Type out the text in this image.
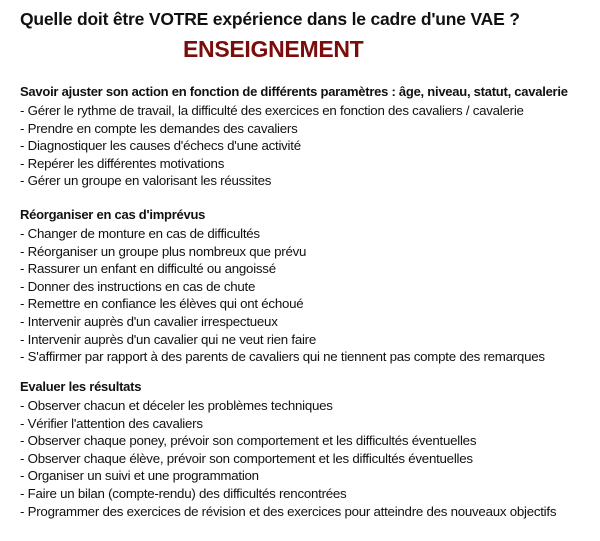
Quelle doit être VOTRE expérience dans le cadre d'une VAE ?
ENSEIGNEMENT
Savoir ajuster son action en fonction de différents paramètres : âge, niveau, statut, cavalerie
- Gérer le rythme de travail, la difficulté des exercices en fonction des cavaliers / cavalerie
- Prendre en compte les demandes des cavaliers
- Diagnostiquer les causes d'échecs d'une activité
- Repérer les différentes motivations
- Gérer un groupe en valorisant les réussites
Réorganiser en cas d'imprévus
- Changer de monture en cas de difficultés
- Réorganiser un groupe plus nombreux que prévu
- Rassurer un enfant en difficulté ou angoissé
- Donner des instructions en cas de chute
- Remettre en confiance les élèves qui ont échoué
- Intervenir auprès d'un cavalier irrespectueux
- Intervenir auprès d'un cavalier qui ne veut rien faire
- S'affirmer par rapport à des parents de cavaliers qui ne tiennent pas compte des remarques
Evaluer les résultats
- Observer chacun et déceler les problèmes techniques
- Vérifier l'attention des cavaliers
- Observer chaque poney, prévoir son comportement et les difficultés éventuelles
- Observer chaque élève, prévoir son comportement et les difficultés éventuelles
- Organiser un suivi et une programmation
- Faire un bilan (compte-rendu) des difficultés rencontrées
- Programmer des exercices de révision et des exercices pour atteindre des nouveaux objectifs
